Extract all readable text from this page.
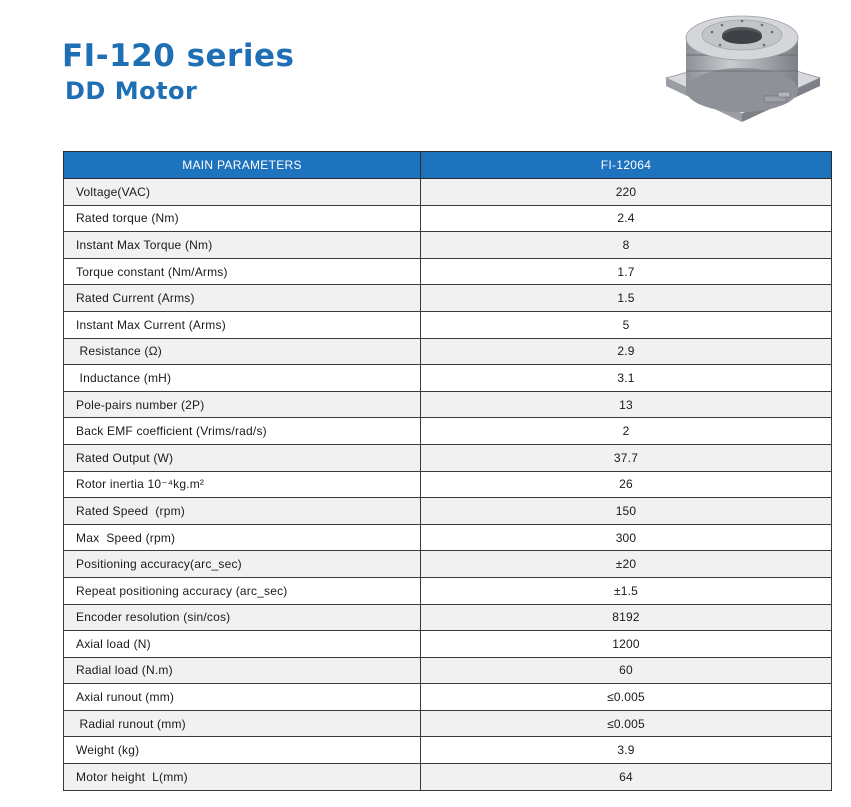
FI-120 series
DD Motor
MAIN PARAMETERS	FI-12064
Voltage(VAC)	220
Rated torque (Nm)	2.4
Instant Max Torque (Nm)	8
Torque constant (Nm/Arms)	1.7
Rated Current (Arms)	1.5
Instant Max Current (Arms)	5
Resistance (Ω)	2.9
Inductance (mH)	3.1
Pole-pairs number (2P)	13
Back EMF coefficient (Vrims/rad/s)	2
Rated Output (W)	37.7
Rotor inertia 10⁻⁴kg.m²	26
Rated Speed  (rpm)	150
Max  Speed (rpm)	300
Positioning accuracy(arc_sec)	±20
Repeat positioning accuracy (arc_sec)	±1.5
Encoder resolution (sin/cos)	8192
Axial load (N)	1200
Radial load (N.m)	60
Axial runout (mm)	≤0.005
Radial runout (mm)	≤0.005
Weight (kg)	3.9
Motor height  L(mm)	64
